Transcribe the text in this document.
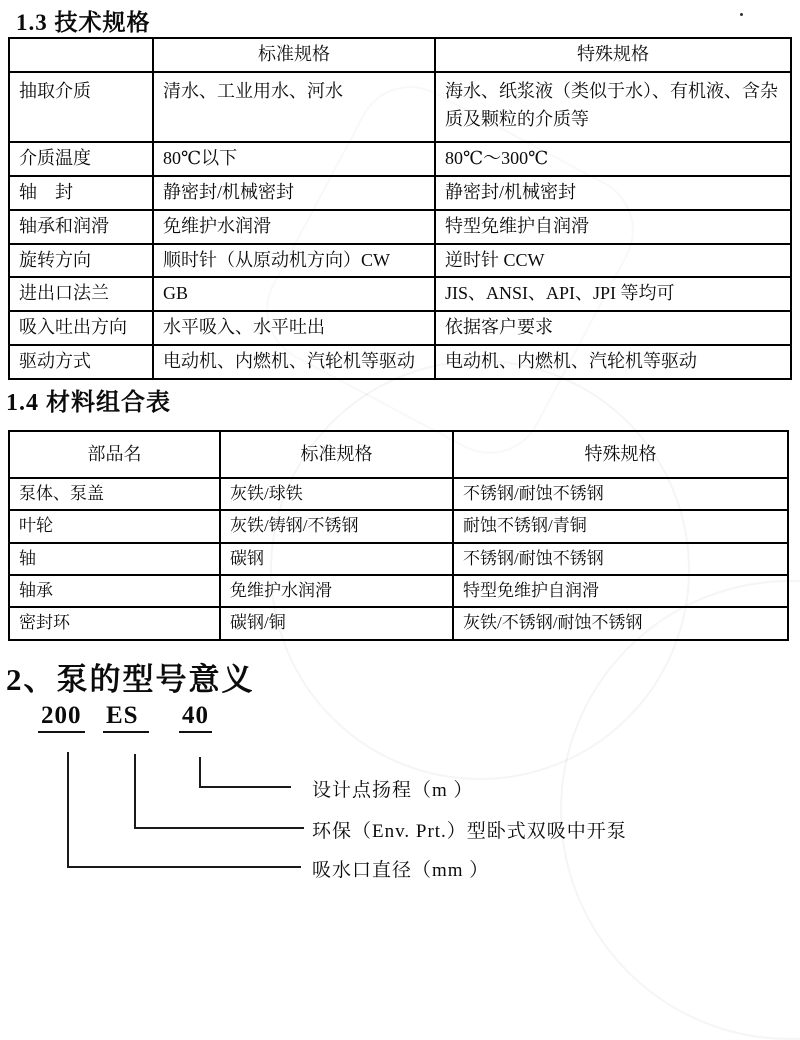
1.3 技术规格
	标准规格	特殊规格
抽取介质	清水、工业用水、河水	海水、纸浆液（类似于水）、有机液、含杂质及颗粒的介质等
介质温度	80℃以下	80℃～300℃
轴　封	静密封/机械密封	静密封/机械密封
轴承和润滑	免维护水润滑	特型免维护自润滑
旋转方向	顺时针（从原动机方向）CW	逆时针 CCW
进出口法兰	GB	JIS、ANSI、API、JPI 等均可
吸入吐出方向	水平吸入、水平吐出	依据客户要求
驱动方式	电动机、内燃机、汽轮机等驱动	电动机、内燃机、汽轮机等驱动
1.4 材料组合表
部品名	标准规格	特殊规格
泵体、泵盖	灰铁/球铁	不锈钢/耐蚀不锈钢
叶轮	灰铁/铸钢/不锈钢	耐蚀不锈钢/青铜
轴	碳钢	不锈钢/耐蚀不锈钢
轴承	免维护水润滑	特型免维护自润滑
密封环	碳钢/铜	灰铁/不锈钢/耐蚀不锈钢
2、泵的型号意义
200 ES	40
设计点扬程（m ）
环保（Env. Prt.）型卧式双吸中开泵
吸水口直径（mm ）
